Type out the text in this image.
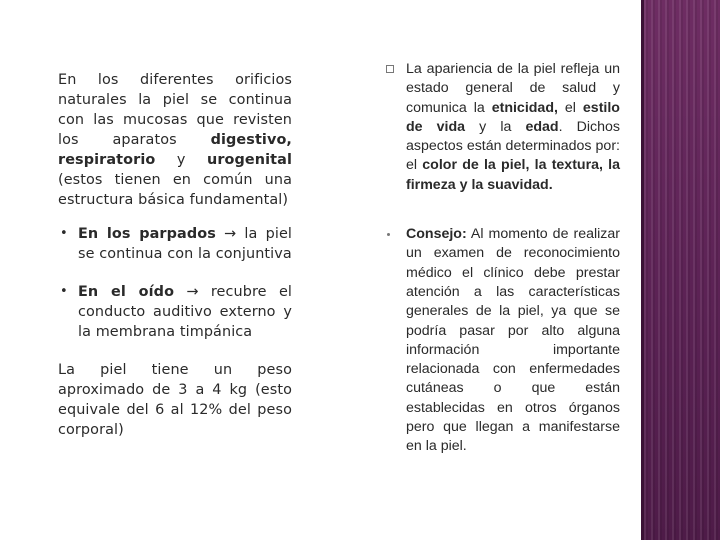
En los diferentes orificios naturales la piel se continua con las mucosas que revisten los aparatos digestivo, respiratorio y urogenital (estos tienen en común una estructura básica fundamental)

• En los parpados → la piel se continua con la conjuntiva
• En el oído → recubre el conducto auditivo externo y la membrana timpánica

La piel tiene un peso aproximado de 3 a 4 kg (esto equivale del 6 al 12% del peso corporal)

La apariencia de la piel refleja un estado general de salud y comunica la etnicidad, el estilo de vida y la edad. Dichos aspectos están determinados por: el color de la piel, la textura, la firmeza y la suavidad.
Consejo: Al momento de realizar un examen de reconocimiento médico el clínico debe prestar atención a las características generales de la piel, ya que se podría pasar por alto alguna información importante relacionada con enfermedades cutáneas o que están establecidas en otros órganos pero que llegan a manifestarse en la piel.
